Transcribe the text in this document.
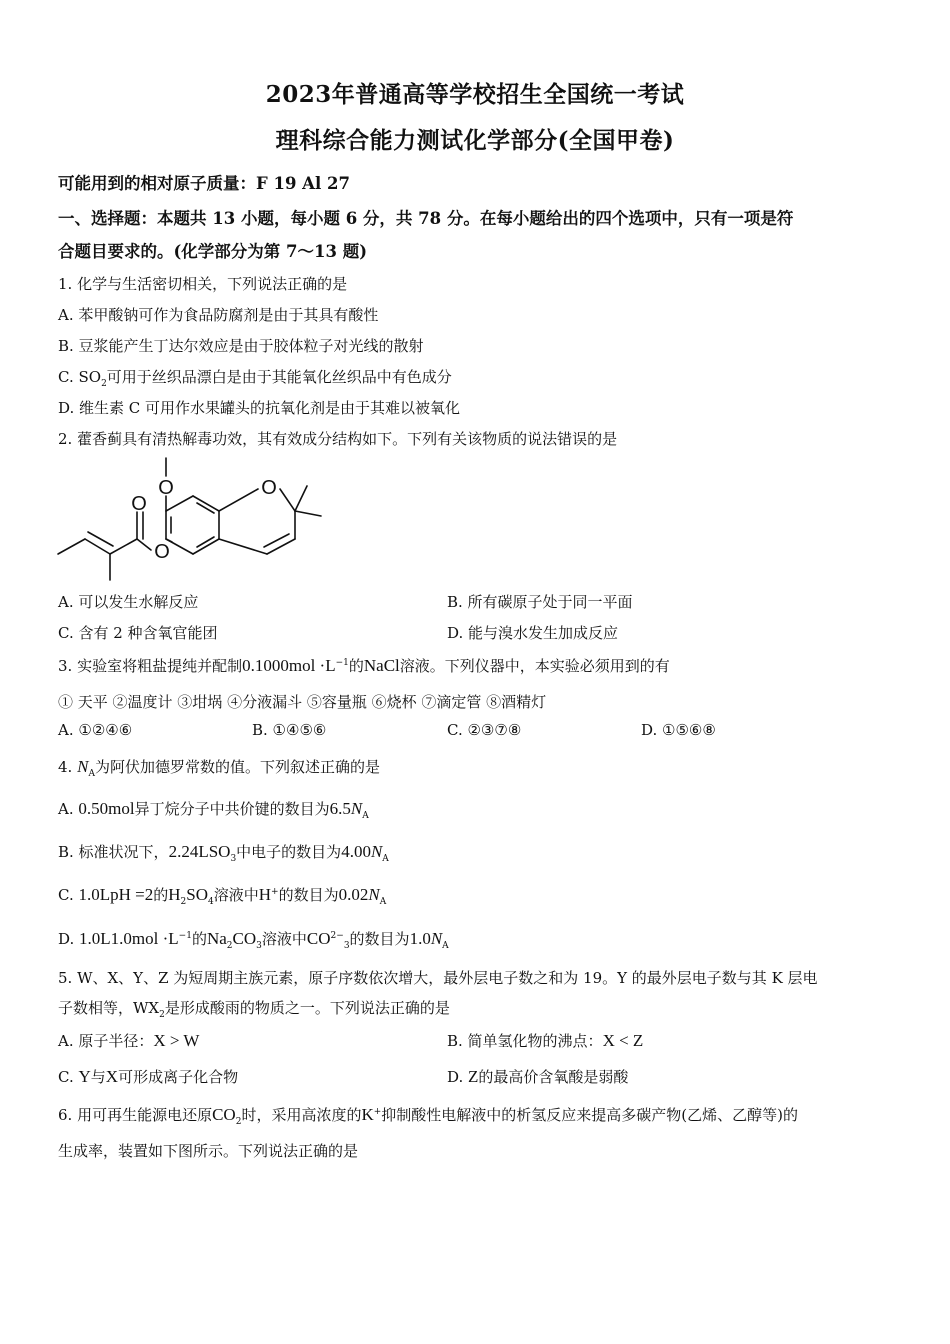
2023年普通高等学校招生全国统一考试
理科综合能力测试化学部分(全国甲卷)
可能用到的相对原子质量：F 19 Al 27
一、选择题：本题共 13 小题，每小题 6 分，共 78 分。在每小题给出的四个选项中，只有一项是符
合题目要求的。(化学部分为第 7～13 题)
1. 化学与生活密切相关，下列说法正确的是
A. 苯甲酸钠可作为食品防腐剂是由于其具有酸性
B. 豆浆能产生丁达尔效应是由于胶体粒子对光线的散射
C. $SO_2$可用于丝织品漂白是由于其能氧化丝织品中有色成分
D. 维生素 C 可用作水果罐头的抗氧化剂是由于其难以被氧化
2. 藿香蓟具有清热解毒功效，其有效成分结构如下。下列有关该物质的说法错误的是
O	O
O
O
A. 可以发生水解反应	B. 所有碳原子处于同一平面
C. 含有 2 种含氧官能团	D. 能与溴水发生加成反应
3. 实验室将粗盐提纯并配制$0.1000mol \cdot L^{-1}$的NaCl溶液。下列仪器中，本实验必须用到的有
① 天平 ②温度计 ③坩埚 ④分液漏斗 ⑤容量瓶 ⑥烧杯 ⑦滴定管 ⑧酒精灯
A. ①②④⑥	B. ①④⑤⑥	C. ②③⑦⑧	D. ①⑤⑥⑧
4. $N_A$为阿伏加德罗常数的值。下列叙述正确的是
A. 0.50mol异丁烷分子中共价键的数目为$6.5N_A$
B. 标准状况下，$2.24LSO_3$中电子的数目为$4.00N_A$
C. 1.0LpH =2的$H_2SO_4$溶液中H+的数目为$0.02N_A$
D. $1.0L1.0mol \cdot L^{-1}$的$Na_2CO_3$溶液中$CO^{2-}_3$的数目为$1.0N_A$
5. W、X、Y、Z 为短周期主族元素，原子序数依次增大，最外层电子数之和为 19。Y 的最外层电子数与其 K 层电
子数相等，$WX_2$是形成酸雨的物质之一。下列说法正确的是
A. 原子半径：X > W	B. 简单氢化物的沸点：X < Z
C. Y与X可形成离子化合物	D. Z的最高价含氧酸是弱酸
6. 用可再生能源电还原$CO_2$时，采用高浓度的K+抑制酸性电解液中的析氢反应来提高多碳产物(乙烯、乙醇等)的
生成率，装置如下图所示。下列说法正确的是
